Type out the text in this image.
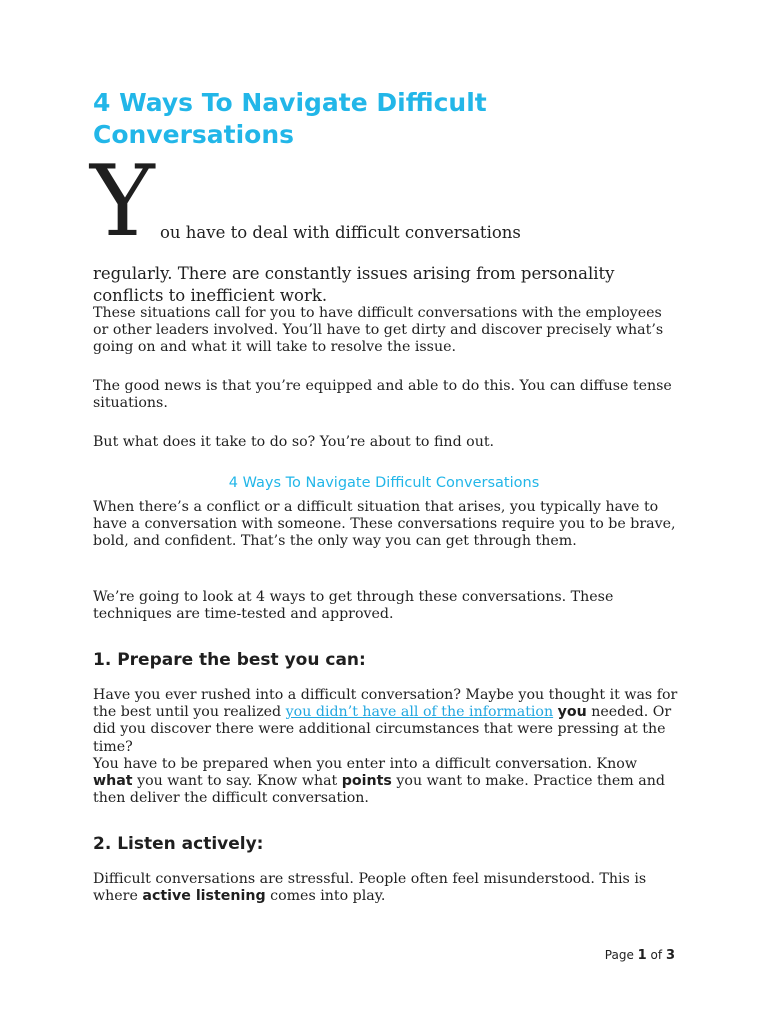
4 Ways To Navigate Difficult
Conversations
Y ou have to deal with difficult conversations

regularly. There are constantly issues arising from personality conflicts to inefficient work.

These situations call for you to have difficult conversations with the employees or other leaders involved. You’ll have to get dirty and discover precisely what’s going on and what it will take to resolve the issue.

The good news is that you’re equipped and able to do this. You can diffuse tense situations.

But what does it take to do so? You’re about to find out.

4 Ways To Navigate Difficult Conversations

When there’s a conflict or a difficult situation that arises, you typically have to have a conversation with someone. These conversations require you to be brave, bold, and confident. That’s the only way you can get through them.

We’re going to look at 4 ways to get through these conversations. These techniques are time-tested and approved.

1. Prepare the best you can:

Have you ever rushed into a difficult conversation? Maybe you thought it was for the best until you realized you didn’t have all of the information you needed. Or did you discover there were additional circumstances that were pressing at the time?
You have to be prepared when you enter into a difficult conversation. Know what you want to say. Know what points you want to make. Practice them and then deliver the difficult conversation.

2. Listen actively:

Difficult conversations are stressful. People often feel misunderstood. This is where active listening comes into play.

Page 1 of 3
